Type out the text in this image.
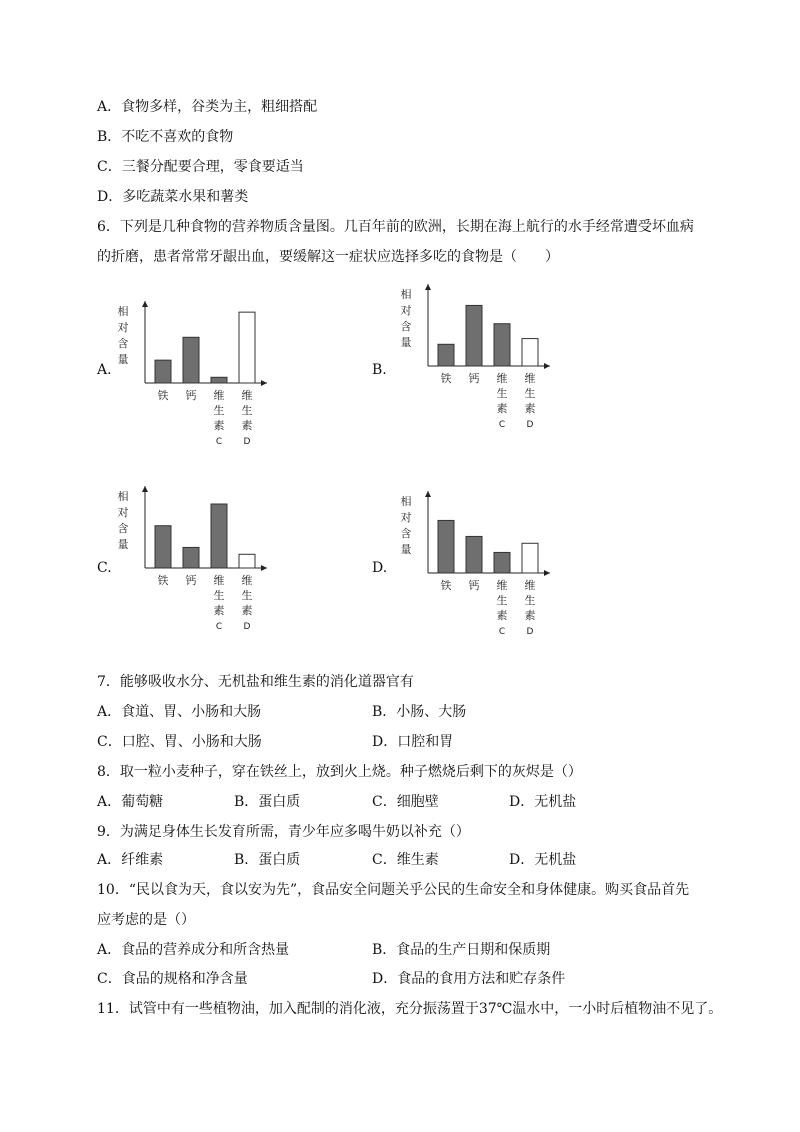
A．食物多样，谷类为主，粗细搭配
B．不吃不喜欢的食物
C．三餐分配要合理，零食要适当
D．多吃蔬菜水果和薯类
6．下列是几种食物的营养物质含量图。几百年前的欧洲，长期在海上航行的水手经常遭受坏血病
的折磨，患者常常牙龈出血，要缓解这一症状应选择多吃的食物是（　　）
A.	B.
C.	D.
相
对
含
量
铁 钙 维
生
素
C
维
生
素
D
相
对
含
量
铁 钙 维
生
素
C
维
生
素
D
相
对
含
量
铁 钙 维
生
素
C
维
生
素
D
相
对
含
量
铁 钙 维
生
素
C
维
生
素
D
7．能够吸收水分、无机盐和维生素的消化道器官有
A．食道、胃、小肠和大肠	B．小肠、大肠
C．口腔、胃、小肠和大肠	D．口腔和胃
8．取一粒小麦种子，穿在铁丝上，放到火上烧。种子燃烧后剩下的灰烬是（）
A．葡萄糖	B．蛋白质	C．细胞壁	D．无机盐
9．为满足身体生长发育所需，青少年应多喝牛奶以补充（）
A．纤维素	B．蛋白质	C．维生素	D．无机盐
10．“民以食为天，食以安为先”，食品安全问题关乎公民的生命安全和身体健康。购买食品首先
应考虑的是（）
A．食品的营养成分和所含热量	B．食品的生产日期和保质期
C．食品的规格和净含量	D．食品的食用方法和贮存条件
11．试管中有一些植物油，加入配制的消化液，充分振荡置于37℃温水中，一小时后植物油不见了。
